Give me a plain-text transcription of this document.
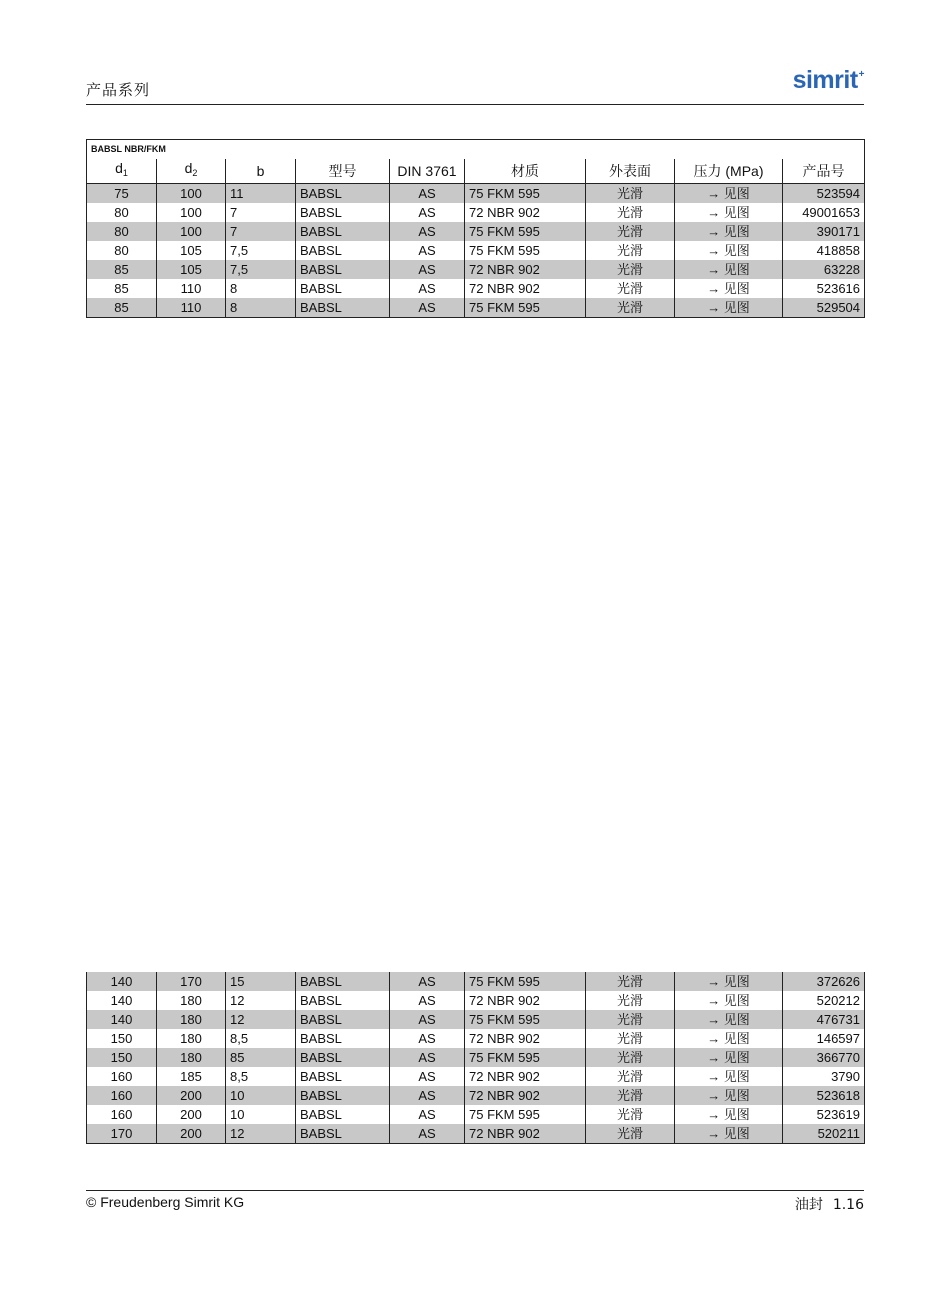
产品系列	simrit+
BABSL NBR/FKM								
$d_1$	$d_2$	b	型号	DIN 3761	材质	外表面	压力 (MPa)	产品号
75	100	11	BABSL	AS	75 FKM 595	光滑	→ 见图	523594
80	100	7	BABSL	AS	72 NBR 902	光滑	→ 见图	49001653
80	100	7	BABSL	AS	75 FKM 595	光滑	→ 见图	390171
80	105	7,5	BABSL	AS	75 FKM 595	光滑	→ 见图	418858
85	105	7,5	BABSL	AS	72 NBR 902	光滑	→ 见图	63228
85	110	8	BABSL	AS	72 NBR 902	光滑	→ 见图	523616
85	110	8	BABSL	AS	75 FKM 595	光滑	→ 见图	529504
140	170	15	BABSL	AS	75 FKM 595	光滑	→ 见图	372626
140	180	12	BABSL	AS	72 NBR 902	光滑	→ 见图	520212
140	180	12	BABSL	AS	75 FKM 595	光滑	→ 见图	476731
150	180	8,5	BABSL	AS	72 NBR 902	光滑	→ 见图	146597
150	180	85	BABSL	AS	75 FKM 595	光滑	→ 见图	366770
160	185	8,5	BABSL	AS	72 NBR 902	光滑	→ 见图	3790
160	200	10	BABSL	AS	72 NBR 902	光滑	→ 见图	523618
160	200	10	BABSL	AS	75 FKM 595	光滑	→ 见图	523619
170	200	12	BABSL	AS	72 NBR 902	光滑	→ 见图	520211
© Freudenberg Simrit KG	油封 1.16
